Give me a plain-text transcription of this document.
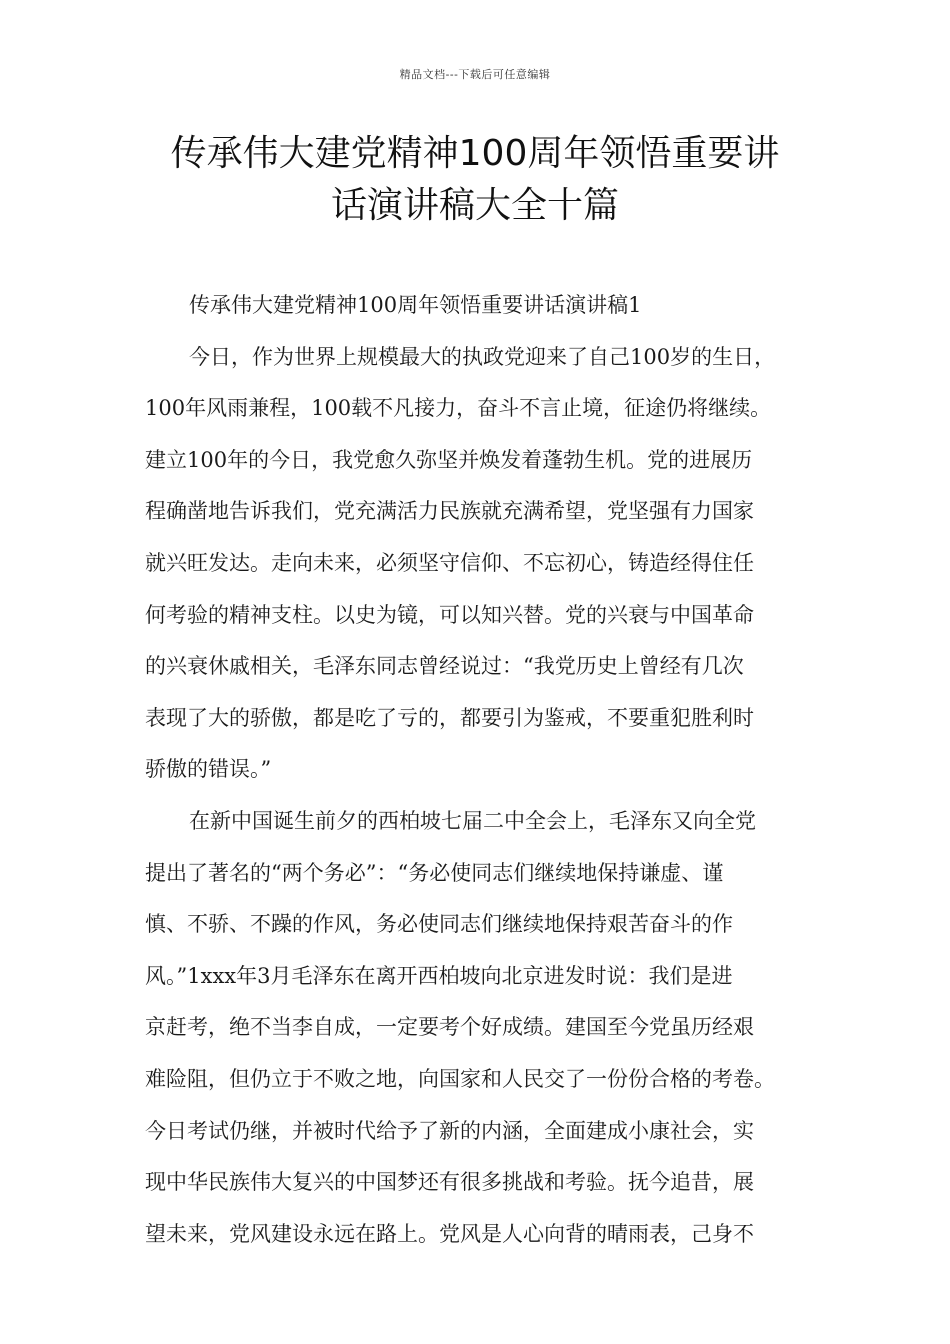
精品文档---下载后可任意编辑
传承伟大建党精神100周年领悟重要讲
话演讲稿大全十篇
传承伟大建党精神100周年领悟重要讲话演讲稿1

今日，作为世界上规模最大的执政党迎来了自己100岁的生日，
100年风雨兼程，100载不凡接力，奋斗不言止境，征途仍将继续。
建立100年的今日，我党愈久弥坚并焕发着蓬勃生机。党的进展历
程确凿地告诉我们，党充满活力民族就充满希望，党坚强有力国家
就兴旺发达。走向未来，必须坚守信仰、不忘初心，铸造经得住任
何考验的精神支柱。以史为镜，可以知兴替。党的兴衰与中国革命
的兴衰休戚相关，毛泽东同志曾经说过：“我党历史上曾经有几次
表现了大的骄傲，都是吃了亏的，都要引为鉴戒，不要重犯胜利时
骄傲的错误。”

在新中国诞生前夕的西柏坡七届二中全会上，毛泽东又向全党
提出了著名的“两个务必”：“务必使同志们继续地保持谦虚、谨
慎、不骄、不躁的作风，务必使同志们继续地保持艰苦奋斗的作
风。”1xxx年3月毛泽东在离开西柏坡向北京进发时说：我们是进
京赶考，绝不当李自成，一定要考个好成绩。建国至今党虽历经艰
难险阻，但仍立于不败之地，向国家和人民交了一份份合格的考卷。
今日考试仍继，并被时代给予了新的内涵，全面建成小康社会，实
现中华民族伟大复兴的中国梦还有很多挑战和考验。抚今追昔，展
望未来，党风建设永远在路上。党风是人心向背的晴雨表，己身不
